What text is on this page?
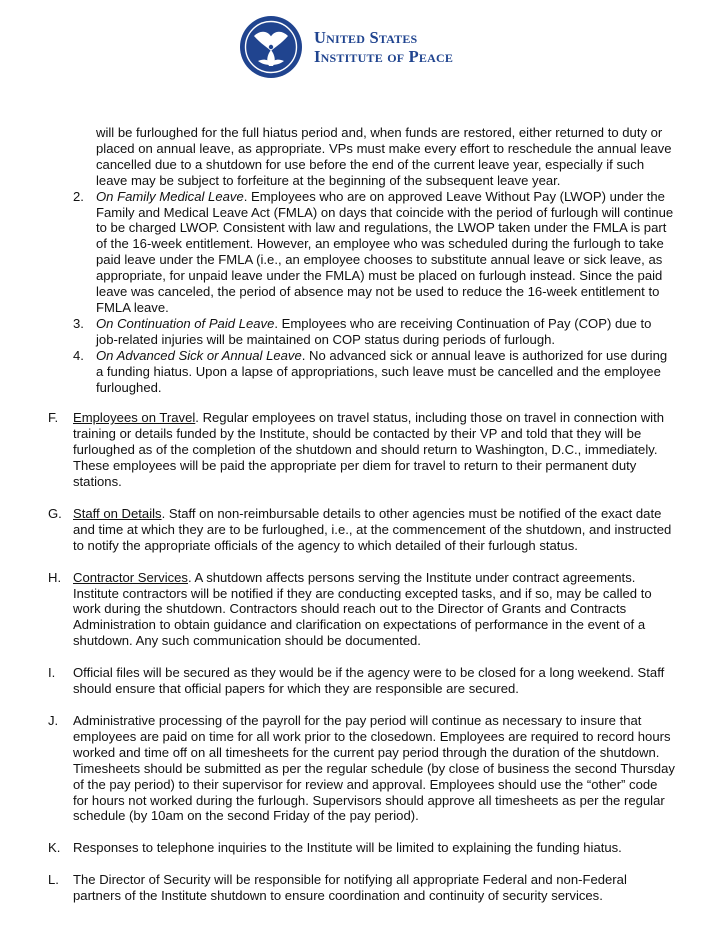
United States
Institute of Peace

will be furloughed for the full hiatus period and, when funds are restored, either returned to duty or placed on annual leave, as appropriate. VPs must make every effort to reschedule the annual leave cancelled due to a shutdown for use before the end of the current leave year, especially if such leave may be subject to forfeiture at the beginning of the subsequent leave year.

2. On Family Medical Leave. Employees who are on approved Leave Without Pay (LWOP) under the Family and Medical Leave Act (FMLA) on days that coincide with the period of furlough will continue to be charged LWOP. Consistent with law and regulations, the LWOP taken under the FMLA is part of the 16-week entitlement. However, an employee who was scheduled during the furlough to take paid leave under the FMLA (i.e., an employee chooses to substitute annual leave or sick leave, as appropriate, for unpaid leave under the FMLA) must be placed on furlough instead. Since the paid leave was canceled, the period of absence may not be used to reduce the 16-week entitlement to FMLA leave.
3. On Continuation of Paid Leave. Employees who are receiving Continuation of Pay (COP) due to job-related injuries will be maintained on COP status during periods of furlough.
4. On Advanced Sick or Annual Leave. No advanced sick or annual leave is authorized for use during a funding hiatus. Upon a lapse of appropriations, such leave must be cancelled and the employee furloughed.
F. Employees on Travel. Regular employees on travel status, including those on travel in connection with training or details funded by the Institute, should be contacted by their VP and told that they will be furloughed as of the completion of the shutdown and should return to Washington, D.C., immediately. These employees will be paid the appropriate per diem for travel to return to their permanent duty stations.
G. Staff on Details. Staff on non-reimbursable details to other agencies must be notified of the exact date and time at which they are to be furloughed, i.e., at the commencement of the shutdown, and instructed to notify the appropriate officials of the agency to which detailed of their furlough status.
H. Contractor Services. A shutdown affects persons serving the Institute under contract agreements. Institute contractors will be notified if they are conducting excepted tasks, and if so, may be called to work during the shutdown. Contractors should reach out to the Director of Grants and Contracts Administration to obtain guidance and clarification on expectations of performance in the event of a shutdown. Any such communication should be documented.
I. Official files will be secured as they would be if the agency were to be closed for a long weekend. Staff should ensure that official papers for which they are responsible are secured.
J. Administrative processing of the payroll for the pay period will continue as necessary to insure that employees are paid on time for all work prior to the closedown. Employees are required to record hours worked and time off on all timesheets for the current pay period through the duration of the shutdown. Timesheets should be submitted as per the regular schedule (by close of business the second Thursday of the pay period) to their supervisor for review and approval. Employees should use the “other” code for hours not worked during the furlough. Supervisors should approve all timesheets as per the regular schedule (by 10am on the second Friday of the pay period).
K. Responses to telephone inquiries to the Institute will be limited to explaining the funding hiatus.
L. The Director of Security will be responsible for notifying all appropriate Federal and non-Federal partners of the Institute shutdown to ensure coordination and continuity of security services.
